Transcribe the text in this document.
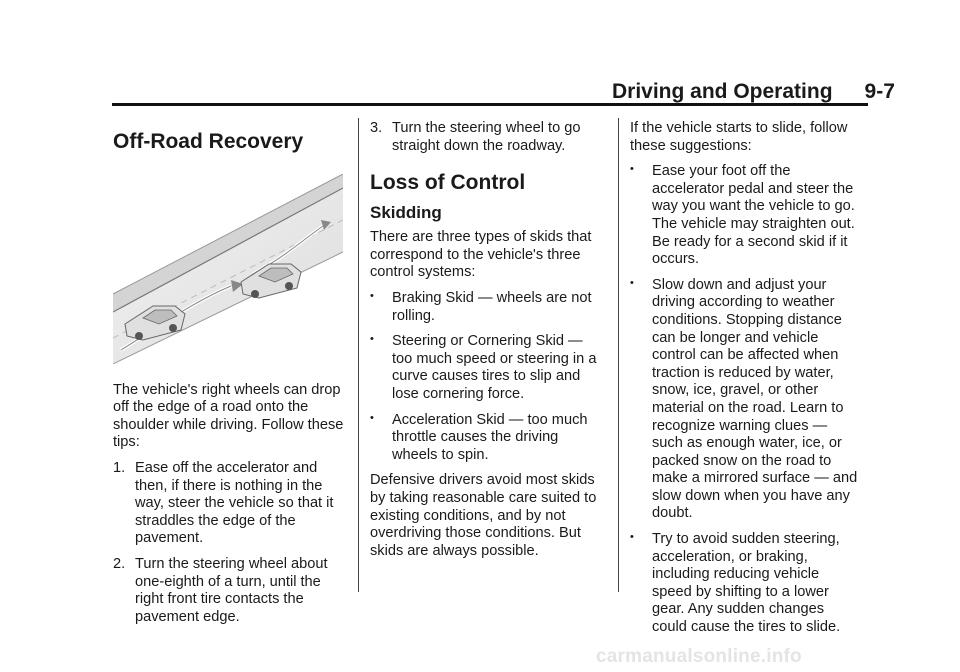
Driving and Operating 9-7
Off-Road Recovery

The vehicle's right wheels can drop off the edge of a road onto the shoulder while driving. Follow these tips:

1. Ease off the accelerator and then, if there is nothing in the way, steer the vehicle so that it straddles the edge of the pavement.
2. Turn the steering wheel about one-eighth of a turn, until the right front tire contacts the pavement edge.
3. Turn the steering wheel to go straight down the roadway.
Loss of Control
Skidding

There are three types of skids that correspond to the vehicle's three control systems:

•	Braking Skid — wheels are not rolling.
•	Steering or Cornering Skid — too much speed or steering in a curve causes tires to slip and lose cornering force.
•	Acceleration Skid — too much throttle causes the driving wheels to spin.

Defensive drivers avoid most skids by taking reasonable care suited to existing conditions, and by not overdriving those conditions. But skids are always possible.

If the vehicle starts to slide, follow these suggestions:

•	Ease your foot off the accelerator pedal and steer the way you want the vehicle to go. The vehicle may straighten out. Be ready for a second skid if it occurs.
•	Slow down and adjust your driving according to weather conditions. Stopping distance can be longer and vehicle control can be affected when traction is reduced by water, snow, ice, gravel, or other material on the road. Learn to recognize warning clues — such as enough water, ice, or packed snow on the road to make a mirrored surface — and slow down when you have any doubt.
•	Try to avoid sudden steering, acceleration, or braking, including reducing vehicle speed by shifting to a lower gear. Any sudden changes could cause the tires to slide.
carmanualsonline.info
